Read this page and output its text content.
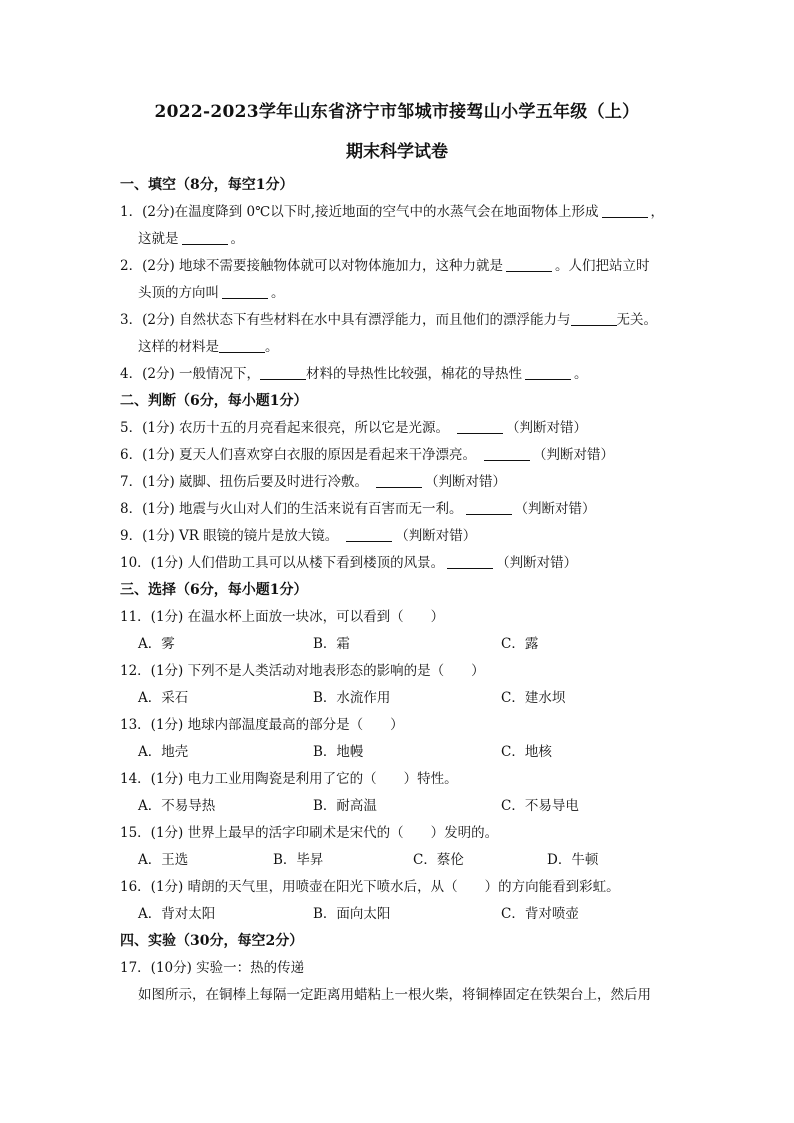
2022-2023学年山东省济宁市邹城市接驾山小学五年级（上）
期末科学试卷
一、填空（8分，每空1分）
1．(2分)在温度降到 0℃以下时,接近地面的空气中的水蒸气会在地面物体上形成	，
这就是	。
2．(2分) 地球不需要接触物体就可以对物体施加力，这种力就是	。人们把站立时
头顶的方向叫	。
3．(2分) 自然状态下有些材料在水中具有漂浮能力，而且他们的漂浮能力与	无关。
这样的材料是	。
4．(2分) 一般情况下，	材料的导热性比较强，棉花的导热性	。
二、判断（6分，每小题1分）
5．(1分) 农历十五的月亮看起来很亮，所以它是光源。	（判断对错）
6．(1分) 夏天人们喜欢穿白衣服的原因是看起来干净漂亮。	（判断对错）
7．(1分) 崴脚、扭伤后要及时进行冷敷。	（判断对错）
8．(1分) 地震与火山对人们的生活来说有百害而无一利。	（判断对错）
9．(1分) VR 眼镜的镜片是放大镜。	（判断对错）
10．(1分) 人们借助工具可以从楼下看到楼顶的风景。	（判断对错）
三、选择（6分，每小题1分）
11．(1分) 在温水杯上面放一块冰，可以看到（　　）
A．雾	B．霜	C．露
12．(1分) 下列不是人类活动对地表形态的影响的是（　　）
A．采石	B．水流作用	C．建水坝
13．(1分) 地球内部温度最高的部分是（　　）
A．地壳	B．地幔	C．地核
14．(1分) 电力工业用陶瓷是利用了它的（　　）特性。
A．不易导热	B．耐高温	C．不易导电
15．(1分) 世界上最早的活字印刷术是宋代的（　　）发明的。
A．王选	B．毕昇	C．蔡伦	D．牛顿
16．(1分) 晴朗的天气里，用喷壶在阳光下喷水后，从（　　）的方向能看到彩虹。
A．背对太阳	B．面向太阳	C．背对喷壶
四、实验（30分，每空2分）
17．(10分) 实验一：热的传递
如图所示，在铜棒上每隔一定距离用蜡粘上一根火柴，将铜棒固定在铁架台上，然后用
